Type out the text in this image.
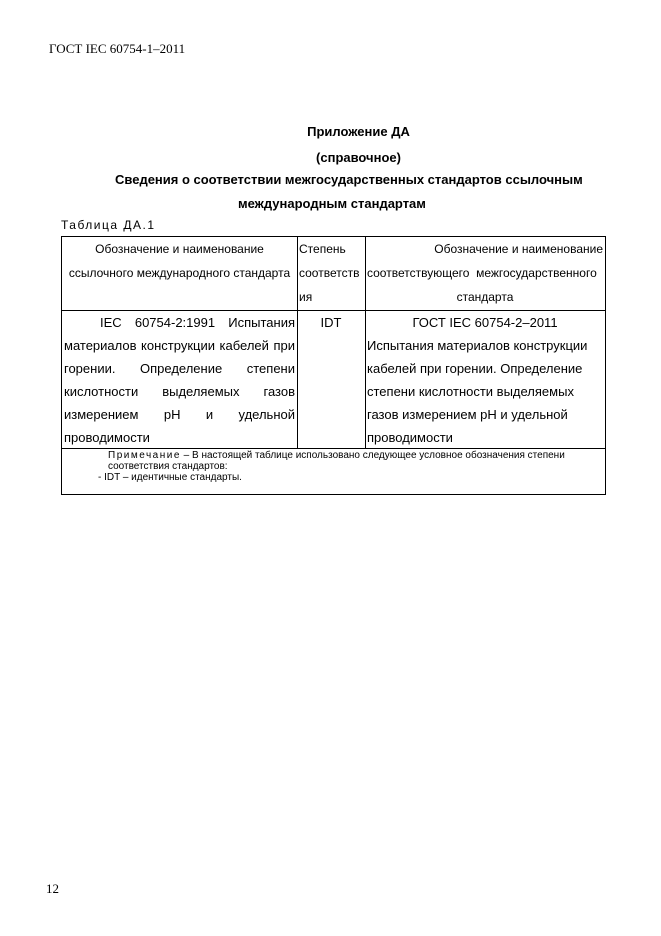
ГОСТ IEC 60754-1–2011
Приложение ДА
(справочное)
Сведения о соответствии межгосударственных стандартов ссылочным
международным стандартам
Таблица ДА.1
Обозначение и наименование
ссылочного международного стандарта
Степень
соответств
ия
Обозначение и наименование
соответствующего  межгосударственного
стандарта
IEC 60754-2:1991 Испытания материалов конструкции кабелей при горении. Определение степени кислотности выделяемых газов измерением pH и удельной проводимости
IDT	ГОСТ IEC 60754-2–2011
Испытания материалов конструкции кабелей при горении. Определение степени кислотности выделяемых газов измерением pH и удельной проводимости
Примечание – В настоящей таблице использовано следующее условное обозначения степени соответствия стандартов:
- IDT – идентичные стандарты.
12
